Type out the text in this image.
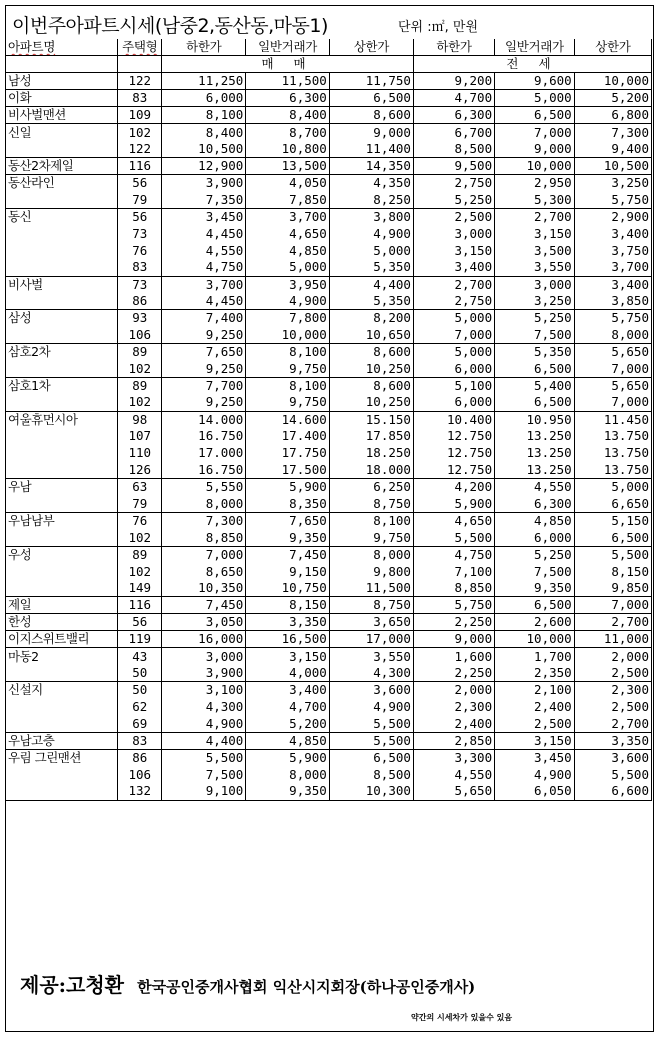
이번주아파트시세(남중2,동산동,마동1)	단위 :㎡, 만원
아파트명	주택형	하한가	일반거래가	상한가	하한가	일반거래가	상한가
		매 매			전 세		
남성	122	11,250	11,500	11,750	9,200	9,600	10,000
이화	83	6,000	6,300	6,500	4,700	5,000	5,200
비사벌맨션	109	8,100	8,400	8,600	6,300	6,500	6,800
신일	102	8,400	8,700	9,000	6,700	7,000	7,300
	122	10,500	10,800	11,400	8,500	9,000	9,400
동산2차제일	116	12,900	13,500	14,350	9,500	10,000	10,500
동산라인	56	3,900	4,050	4,350	2,750	2,950	3,250
	79	7,350	7,850	8,250	5,250	5,300	5,750
동신	56	3,450	3,700	3,800	2,500	2,700	2,900
	73	4,450	4,650	4,900	3,000	3,150	3,400
	76	4,550	4,850	5,000	3,150	3,500	3,750
	83	4,750	5,000	5,350	3,400	3,550	3,700
비사벌	73	3,700	3,950	4,400	2,700	3,000	3,400
	86	4,450	4,900	5,350	2,750	3,250	3,850
삼성	93	7,400	7,800	8,200	5,000	5,250	5,750
	106	9,250	10,000	10,650	7,000	7,500	8,000
삼호2차	89	7,650	8,100	8,600	5,000	5,350	5,650
	102	9,250	9,750	10,250	6,000	6,500	7,000
삼호1차	89	7,700	8,100	8,600	5,100	5,400	5,650
	102	9,250	9,750	10,250	6,000	6,500	7,000
여울휴먼시아	98	14.000	14.600	15.150	10.400	10.950	11.450
	107	16.750	17.400	17.850	12.750	13.250	13.750
	110	17.000	17.750	18.250	12.750	13.250	13.750
	126	16.750	17.500	18.000	12.750	13.250	13.750
우남	63	5,550	5,900	6,250	4,200	4,550	5,000
	79	8,000	8,350	8,750	5,900	6,300	6,650
우남남부	76	7,300	7,650	8,100	4,650	4,850	5,150
	102	8,850	9,350	9,750	5,500	6,000	6,500
우성	89	7,000	7,450	8,000	4,750	5,250	5,500
	102	8,650	9,150	9,800	7,100	7,500	8,150
	149	10,350	10,750	11,500	8,850	9,350	9,850
제일	116	7,450	8,150	8,750	5,750	6,500	7,000
한성	56	3,050	3,350	3,650	2,250	2,600	2,700
이지스위트밸리	119	16,000	16,500	17,000	9,000	10,000	11,000
마동2	43	3,000	3,150	3,550	1,600	1,700	2,000
	50	3,900	4,000	4,300	2,250	2,350	2,500
신설지	50	3,100	3,400	3,600	2,000	2,100	2,300
	62	4,300	4,700	4,900	2,300	2,400	2,500
	69	4,900	5,200	5,500	2,400	2,500	2,700
우남고층	83	4,400	4,850	5,500	2,850	3,150	3,350
우림 그린맨션	86	5,500	5,900	6,500	3,300	3,450	3,600
	106	7,500	8,000	8,500	4,550	4,900	5,500
	132	9,100	9,350	10,300	5,650	6,050	6,600
제공:고청환 한국공인중개사협회 익산시지회장(하나공인중개사)
약간의 시세차가 있을수 있음
